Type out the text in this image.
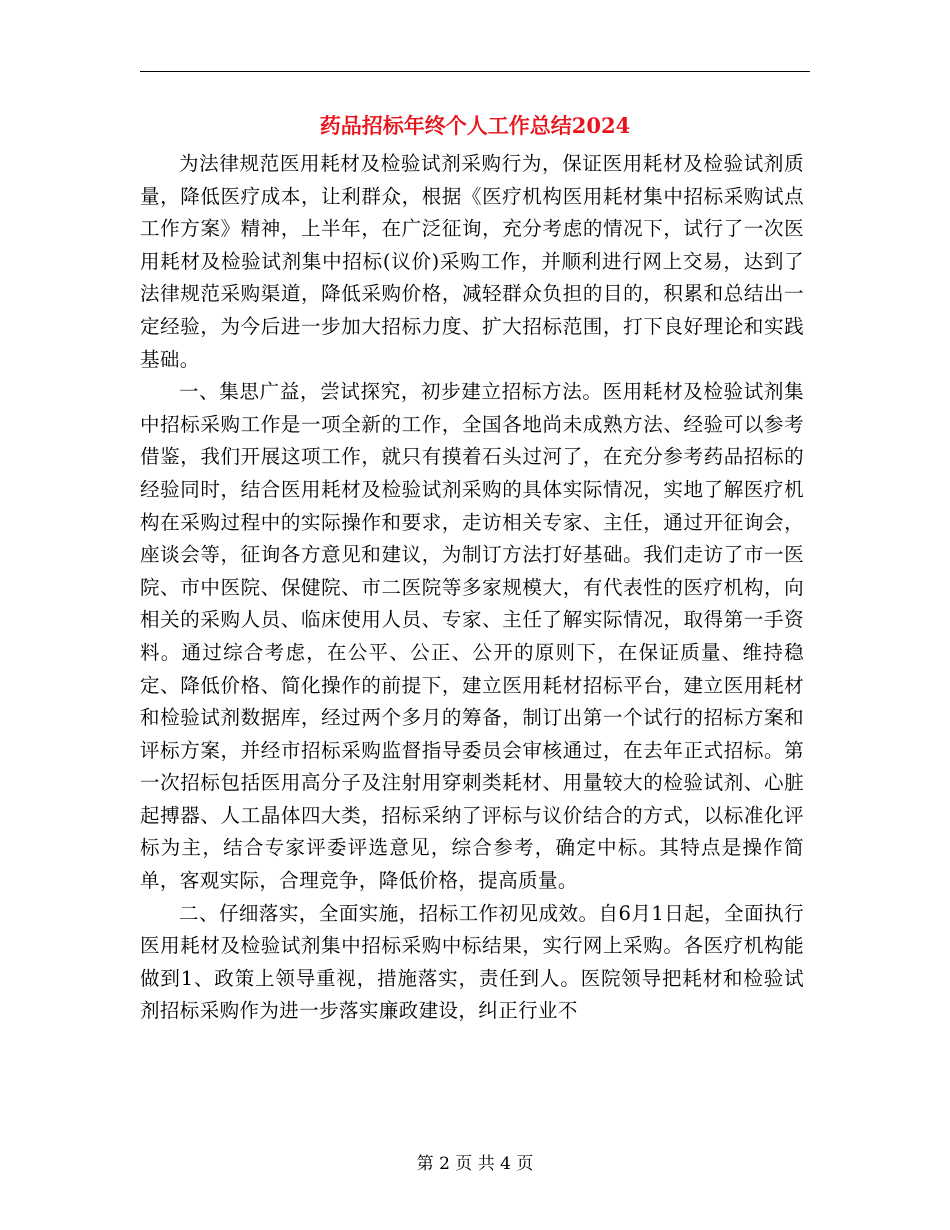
药品招标年终个人工作总结2024

为法律规范医用耗材及检验试剂采购行为，保证医用耗材及检验试剂质量，降低医疗成本，让利群众，根据《医疗机构医用耗材集中招标采购试点工作方案》精神，上半年，在广泛征询，充分考虑的情况下，试行了一次医用耗材及检验试剂集中招标(议价)采购工作，并顺利进行网上交易，达到了法律规范采购渠道，降低采购价格，减轻群众负担的目的，积累和总结出一定经验，为今后进一步加大招标力度、扩大招标范围，打下良好理论和实践基础。

一、集思广益，尝试探究，初步建立招标方法。医用耗材及检验试剂集中招标采购工作是一项全新的工作，全国各地尚未成熟方法、经验可以参考借鉴，我们开展这项工作，就只有摸着石头过河了，在充分参考药品招标的经验同时，结合医用耗材及检验试剂采购的具体实际情况，实地了解医疗机构在采购过程中的实际操作和要求，走访相关专家、主任，通过开征询会，座谈会等，征询各方意见和建议，为制订方法打好基础。我们走访了市一医院、市中医院、保健院、市二医院等多家规模大，有代表性的医疗机构，向相关的采购人员、临床使用人员、专家、主任了解实际情况，取得第一手资料。通过综合考虑，在公平、公正、公开的原则下，在保证质量、维持稳定、降低价格、简化操作的前提下，建立医用耗材招标平台，建立医用耗材和检验试剂数据库，经过两个多月的筹备，制订出第一个试行的招标方案和评标方案，并经市招标采购监督指导委员会审核通过，在去年正式招标。第一次招标包括医用高分子及注射用穿刺类耗材、用量较大的检验试剂、心脏起搏器、人工晶体四大类，招标采纳了评标与议价结合的方式，以标准化评标为主，结合专家评委评选意见，综合参考，确定中标。其特点是操作简单，客观实际，合理竞争，降低价格，提高质量。

二、仔细落实，全面实施，招标工作初见成效。自6月1日起，全面执行医用耗材及检验试剂集中招标采购中标结果，实行网上采购。各医疗机构能做到1、政策上领导重视，措施落实，责任到人。医院领导把耗材和检验试剂招标采购作为进一步落实廉政建设，纠正行业不

第 2 页 共 4 页
